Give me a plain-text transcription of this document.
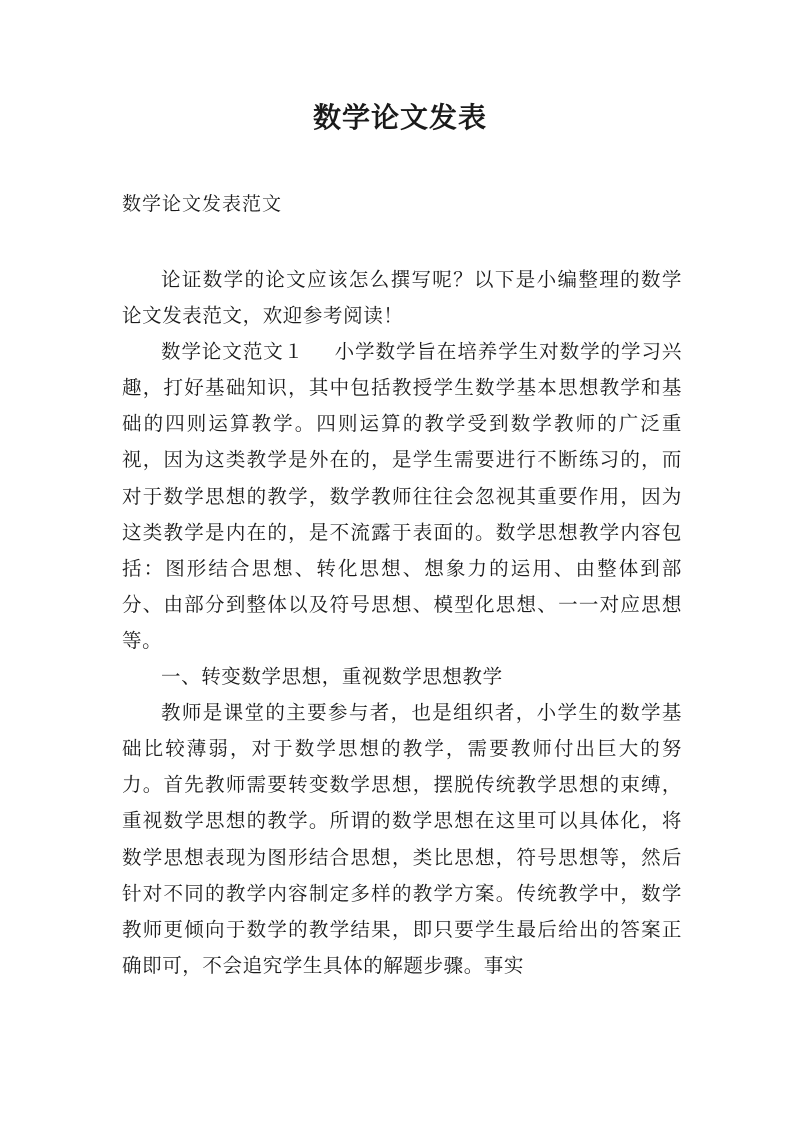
数学论文发表
数学论文发表范文

论证数学的论文应该怎么撰写呢？以下是小编整理的数学论文发表范文，欢迎参考阅读！

数学论文范文１ 小学数学旨在培养学生对数学的学习兴趣，打好基础知识，其中包括教授学生数学基本思想教学和基础的四则运算教学。四则运算的教学受到数学教师的广泛重视，因为这类教学是外在的，是学生需要进行不断练习的，而对于数学思想的教学，数学教师往往会忽视其重要作用，因为这类教学是内在的，是不流露于表面的。数学思想教学内容包括：图形结合思想、转化思想、想象力的运用、由整体到部分、由部分到整体以及符号思想、模型化思想、一一对应思想等。

一、转变数学思想，重视数学思想教学

教师是课堂的主要参与者，也是组织者，小学生的数学基础比较薄弱，对于数学思想的教学，需要教师付出巨大的努力。首先教师需要转变数学思想，摆脱传统教学思想的束缚，重视数学思想的教学。所谓的数学思想在这里可以具体化，将数学思想表现为图形结合思想，类比思想，符号思想等，然后针对不同的教学内容制定多样的教学方案。传统教学中，数学教师更倾向于数学的教学结果，即只要学生最后给出的答案正确即可，不会追究学生具体的解题步骤。事实
